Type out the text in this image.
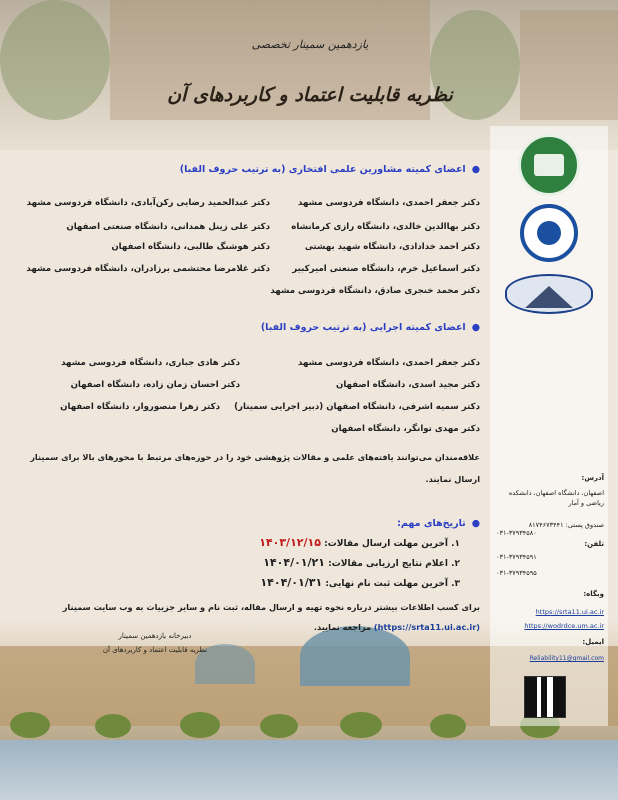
آدرس:
اصفهان، دانشگاه اصفهان، دانشکده ریاضی و آمار
صندوق پستی: ۸۱۷۴۶۷۳۴۴۱
تلفن:
۰۳۱-۳۷۹۳۴۵۸۰
۰۳۱-۳۷۹۳۴۵۹۱
۰۳۱-۳۷۹۳۴۵۹۵
وبگاه:
https://srta11.ui.ac.ir
https://wodrdce.um.ac.ir
ایمیل:
Reliability11@gmail.com
یازدهمین سمینار تخصصی
نظریه قابلیت اعتماد و کاربردهای آن
●اعضای کمیته مشاورین علمی افتخاری (به ترتیب حروف الفبا)
دکتر جعفر احمدی، دانشگاه فردوسی مشهد
دکتر بهاالدین خالدی، دانشگاه رازی کرمانشاه
دکتر احمد خدادادی، دانشگاه شهید بهشتی
دکتر اسماعیل خرم، دانشگاه صنعتی امیرکبیر
دکتر محمد خنجری صادق، دانشگاه فردوسی مشهد
دکتر عبدالحمید رضایی رکن‌آبادی، دانشگاه فردوسی مشهد
دکتر علی زینل همدانی، دانشگاه صنعتی اصفهان
دکتر هوشنگ طالبی، دانشگاه اصفهان
دکتر غلامرضا محتشمی برزادران، دانشگاه فردوسی مشهد
●اعضای کمیته اجرایی (به ترتیب حروف الفبا)
دکتر جعفر احمدی، دانشگاه فردوسی مشهد
دکتر مجید اسدی، دانشگاه اصفهان
دکتر سمیه اشرفی، دانشگاه اصفهان (دبیر اجرایی سمینار)
دکتر مهدی توانگر، دانشگاه اصفهان
دکتر هادی جباری، دانشگاه فردوسی مشهد
دکتر احسان زمان زاده، دانشگاه اصفهان
دکتر زهرا منصوروار، دانشگاه اصفهان
علاقه‌مندان می‌توانند یافته‌های علمی و مقالات پژوهشی خود را در حوزه‌های مرتبط با محورهای بالا برای سمینار
ارسال نمایند.
●تاریخ‌های مهم:
۱. آخرین مهلت ارسال مقالات: ۱۴۰۳/۱۲/۱۵
۲. اعلام نتایج ارزیابی مقالات: ۱۴۰۴/۰۱/۲۱
۳. آخرین مهلت ثبت نام نهایی: ۱۴۰۴/۰۱/۳۱
برای کسب اطلاعات بیشتر درباره نحوه تهیه و ارسال مقاله، ثبت نام و سایر جزییات به وب سایت سمینار
(https://srta11.ui.ac.ir) مراجعه نمایید.
دبیرخانه یازدهمین سمینار
نظریه قابلیت اعتماد و کاربردهای آن
